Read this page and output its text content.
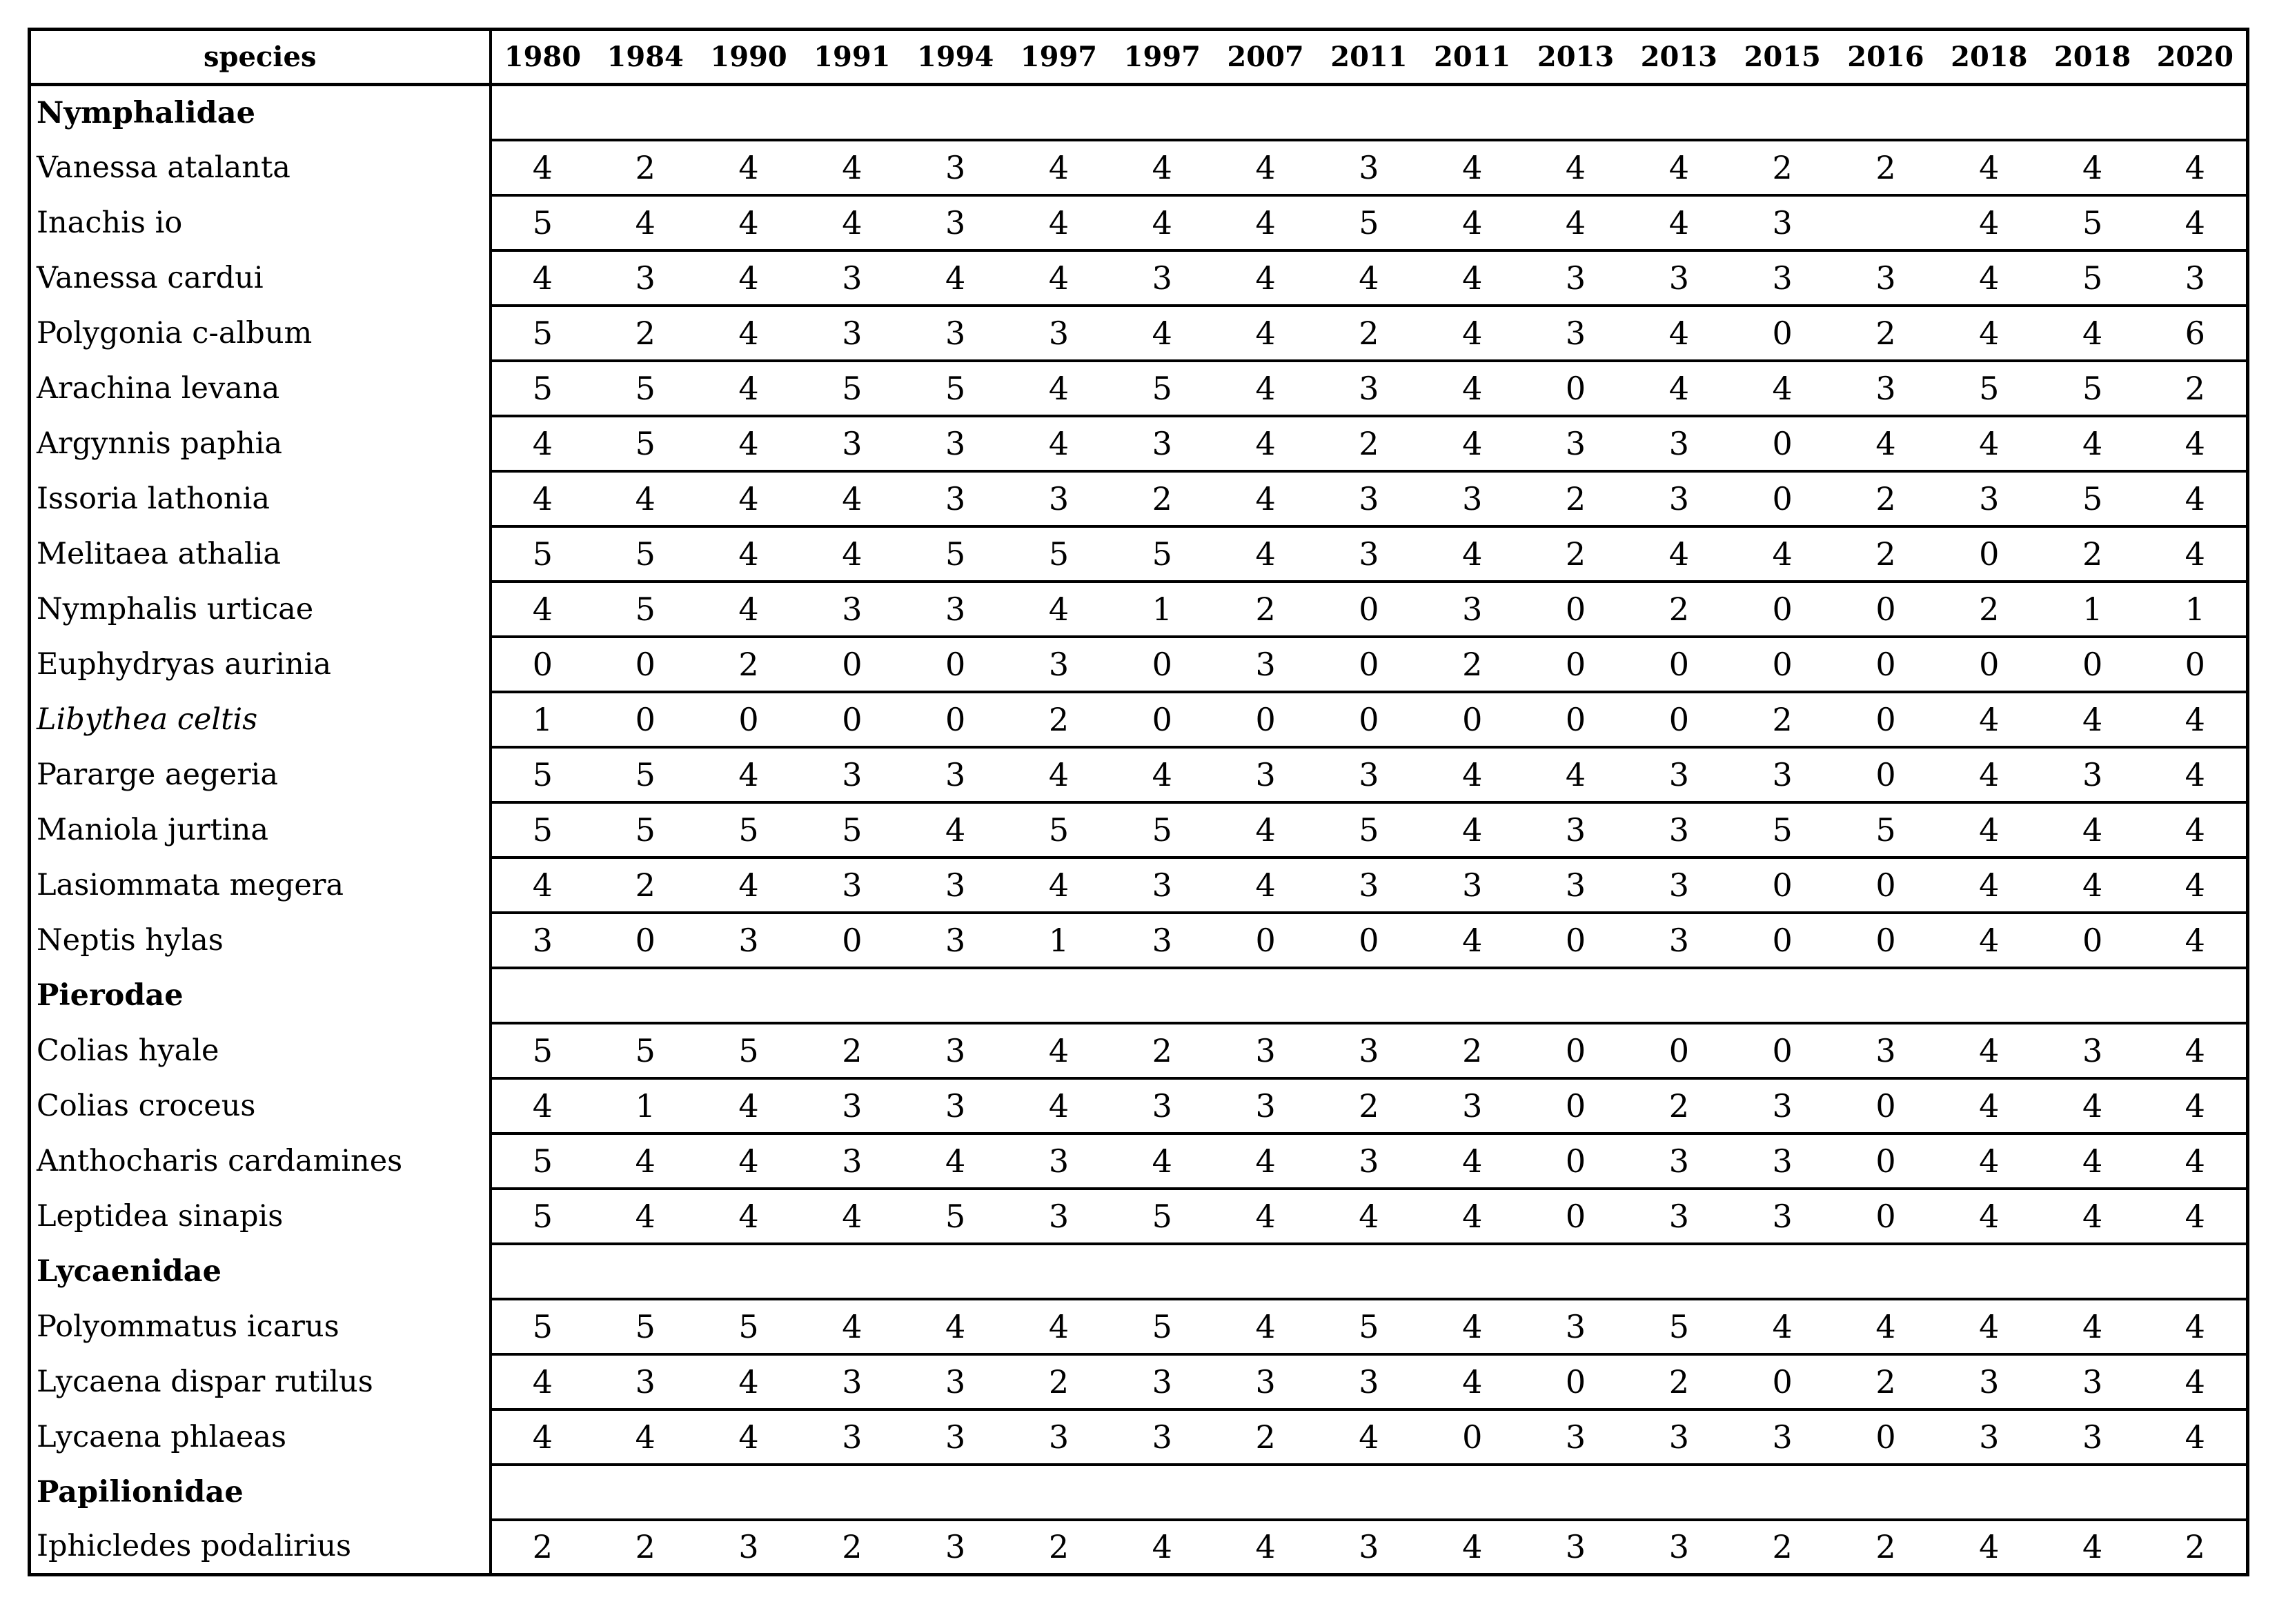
species	1980	1984	1990	1991	1994	1997	1997	2007	2011	2011	2013	2013	2015	2016	2018	2018	2020
Nymphalidae																	
Vanessa atalanta	4	2	4	4	3	4	4	4	3	4	4	4	2	2	4	4	4
Inachis io	5	4	4	4	3	4	4	4	5	4	4	4	3		4	5	4
Vanessa cardui	4	3	4	3	4	4	3	4	4	4	3	3	3	3	4	5	3
Polygonia c-album	5	2	4	3	3	3	4	4	2	4	3	4	0	2	4	4	6
Arachina levana	5	5	4	5	5	4	5	4	3	4	0	4	4	3	5	5	2
Argynnis paphia	4	5	4	3	3	4	3	4	2	4	3	3	0	4	4	4	4
Issoria lathonia	4	4	4	4	3	3	2	4	3	3	2	3	0	2	3	5	4
Melitaea athalia	5	5	4	4	5	5	5	4	3	4	2	4	4	2	0	2	4
Nymphalis urticae	4	5	4	3	3	4	1	2	0	3	0	2	0	0	2	1	1
Euphydryas aurinia	0	0	2	0	0	3	0	3	0	2	0	0	0	0	0	0	0
Libythea celtis	1	0	0	0	0	2	0	0	0	0	0	0	2	0	4	4	4
Pararge aegeria	5	5	4	3	3	4	4	3	3	4	4	3	3	0	4	3	4
Maniola jurtina	5	5	5	5	4	5	5	4	5	4	3	3	5	5	4	4	4
Lasiommata megera	4	2	4	3	3	4	3	4	3	3	3	3	0	0	4	4	4
Neptis hylas	3	0	3	0	3	1	3	0	0	4	0	3	0	0	4	0	4
Pierodae																	
Colias hyale	5	5	5	2	3	4	2	3	3	2	0	0	0	3	4	3	4
Colias croceus	4	1	4	3	3	4	3	3	2	3	0	2	3	0	4	4	4
Anthocharis cardamines	5	4	4	3	4	3	4	4	3	4	0	3	3	0	4	4	4
Leptidea sinapis	5	4	4	4	5	3	5	4	4	4	0	3	3	0	4	4	4
Lycaenidae																	
Polyommatus icarus	5	5	5	4	4	4	5	4	5	4	3	5	4	4	4	4	4
Lycaena dispar rutilus	4	3	4	3	3	2	3	3	3	4	0	2	0	2	3	3	4
Lycaena phlaeas	4	4	4	3	3	3	3	2	4	0	3	3	3	0	3	3	4
Papilionidae																	
Iphicledes podalirius	2	2	3	2	3	2	4	4	3	4	3	3	2	2	4	4	2
